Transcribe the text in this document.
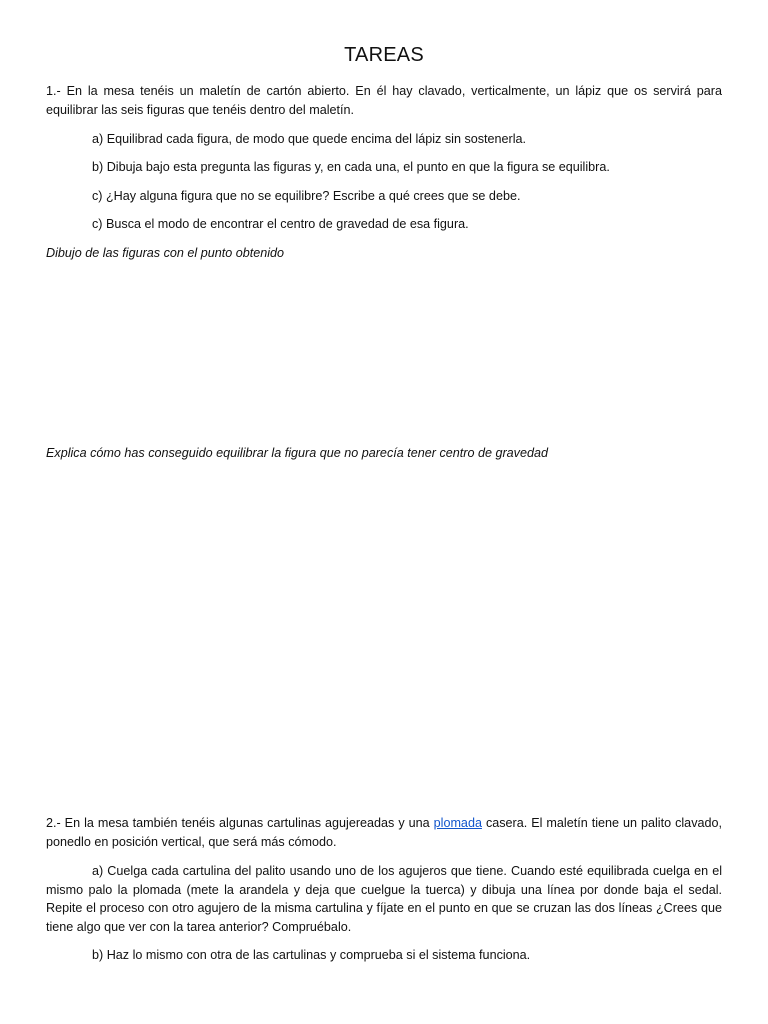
TAREAS

1.- En la mesa tenéis un maletín de cartón abierto. En él hay clavado, verticalmente, un lápiz que os servirá para equilibrar las seis figuras que tenéis dentro del maletín.

a) Equilibrad cada figura, de modo que quede encima del lápiz sin sostenerla.

b) Dibuja bajo esta pregunta las figuras y, en cada una, el punto en que la figura se equilibra.

c) ¿Hay alguna figura que no se equilibre? Escribe a qué crees que se debe.

c) Busca el modo de encontrar el centro de gravedad de esa figura.

Dibujo de las figuras con el punto obtenido

Explica cómo has conseguido equilibrar la figura que no parecía tener centro de gravedad

2.- En la mesa también tenéis algunas cartulinas agujereadas y una plomada casera. El maletín tiene un palito clavado, ponedlo en posición vertical, que será más cómodo.

a) Cuelga cada cartulina del palito usando uno de los agujeros que tiene. Cuando esté equilibrada cuelga en el mismo palo la plomada (mete la arandela y deja que cuelgue la tuerca) y dibuja una línea por donde baja el sedal. Repite el proceso con otro agujero de la misma cartulina y fíjate en el punto en que se cruzan las dos líneas ¿Crees que tiene algo que ver con la tarea anterior? Compruébalo.

b) Haz lo mismo con otra de las cartulinas y comprueba si el sistema funciona.
